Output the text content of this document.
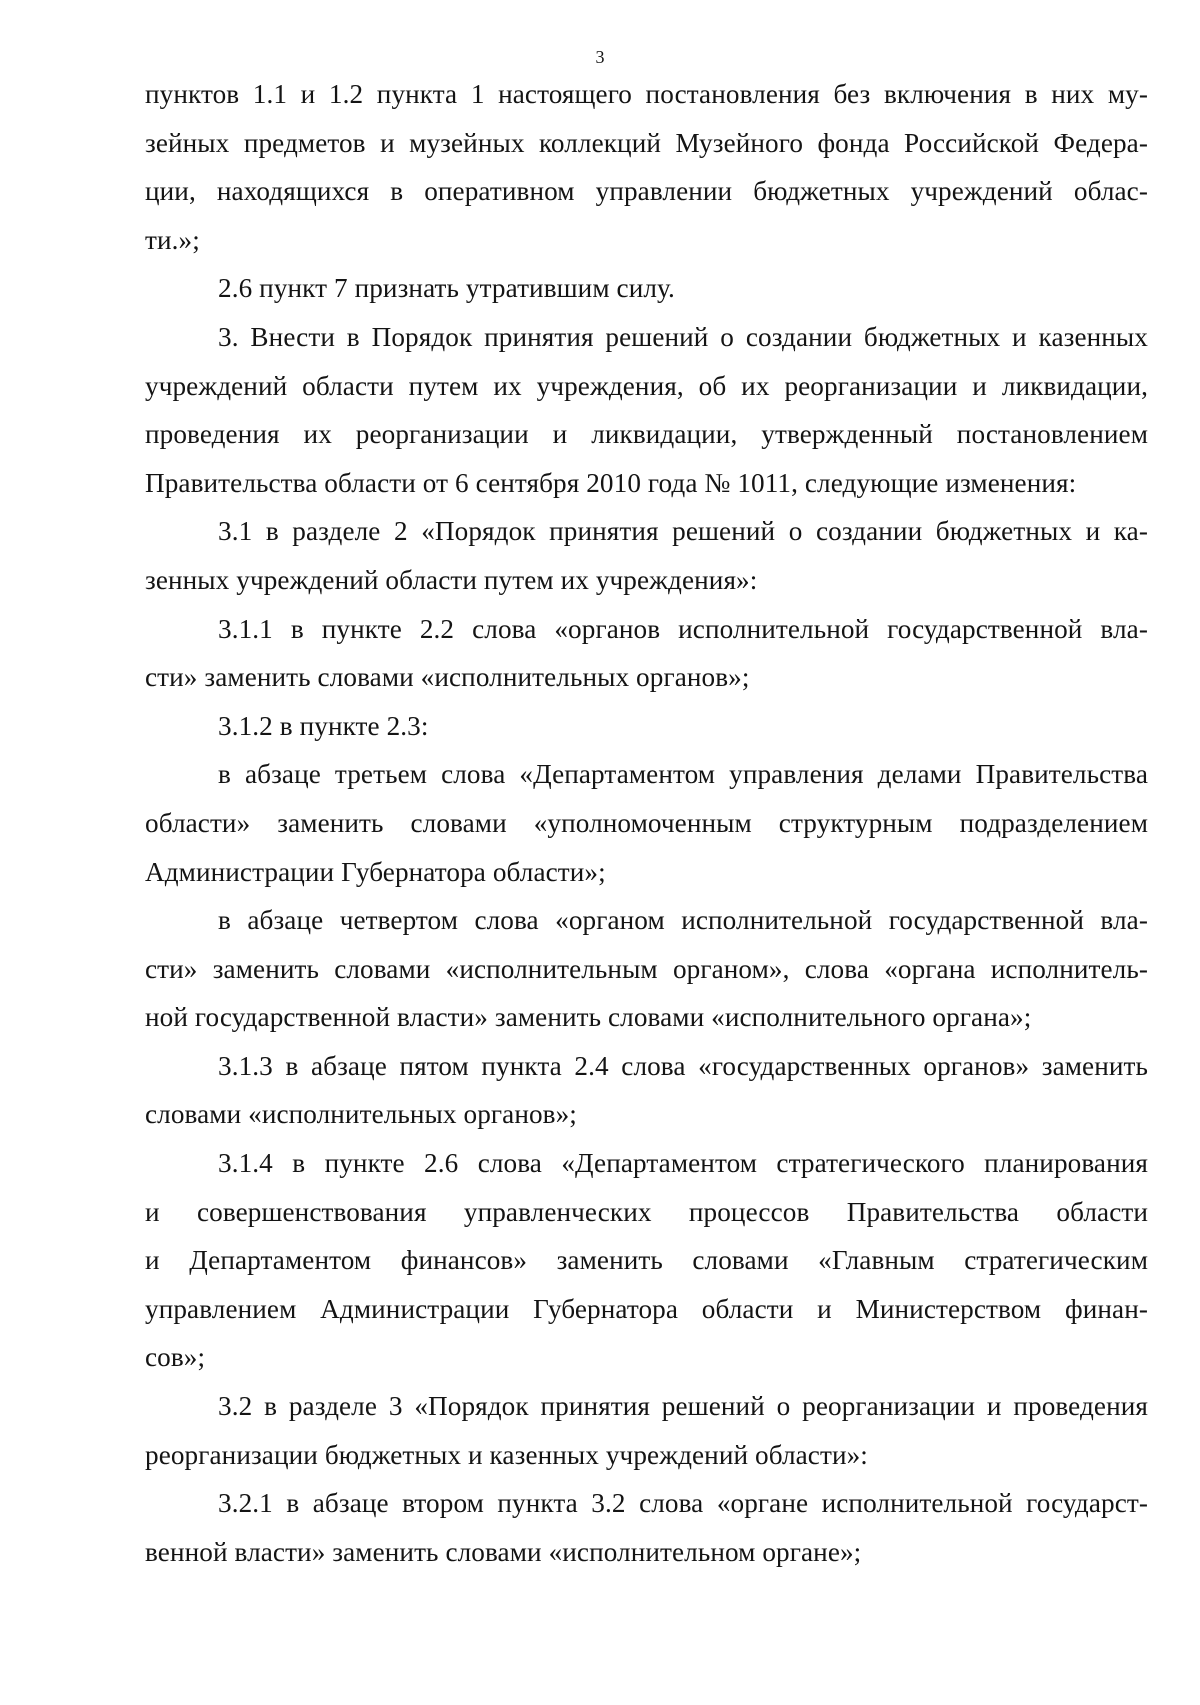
3
пунктов 1.1 и 1.2 пункта 1 настоящего постановления без включения в них му-
зейных предметов и музейных коллекций Музейного фонда Российской Федера-
ции, находящихся в оперативном управлении бюджетных учреждений облас-
ти.»;
2.6 пункт 7 признать утратившим силу.
3. Внести в Порядок принятия решений о создании бюджетных и казенных
учреждений области путем их учреждения, об их реорганизации и ликвидации,
проведения их реорганизации и ликвидации, утвержденный постановлением
Правительства области от 6 сентября 2010 года № 1011, следующие изменения:
3.1 в разделе 2 «Порядок принятия решений о создании бюджетных и ка-
зенных учреждений области путем их учреждения»:
3.1.1 в пункте 2.2 слова «органов исполнительной государственной вла-
сти» заменить словами «исполнительных органов»;
3.1.2 в пункте 2.3:
в абзаце третьем слова «Департаментом управления делами Правительства
области» заменить словами «уполномоченным структурным подразделением
Администрации Губернатора области»;
в абзаце четвертом слова «органом исполнительной государственной вла-
сти» заменить словами «исполнительным органом», слова «органа исполнитель-
ной государственной власти» заменить словами «исполнительного органа»;
3.1.3 в абзаце пятом пункта 2.4 слова «государственных органов» заменить
словами «исполнительных органов»;
3.1.4 в пункте 2.6 слова «Департаментом стратегического планирования
и совершенствования управленческих процессов Правительства области
и Департаментом финансов» заменить словами «Главным стратегическим
управлением Администрации Губернатора области и Министерством финан-
сов»;
3.2 в разделе 3 «Порядок принятия решений о реорганизации и проведения
реорганизации бюджетных и казенных учреждений области»:
3.2.1 в абзаце втором пункта 3.2 слова «органе исполнительной государст-
венной власти» заменить словами «исполнительном органе»;
